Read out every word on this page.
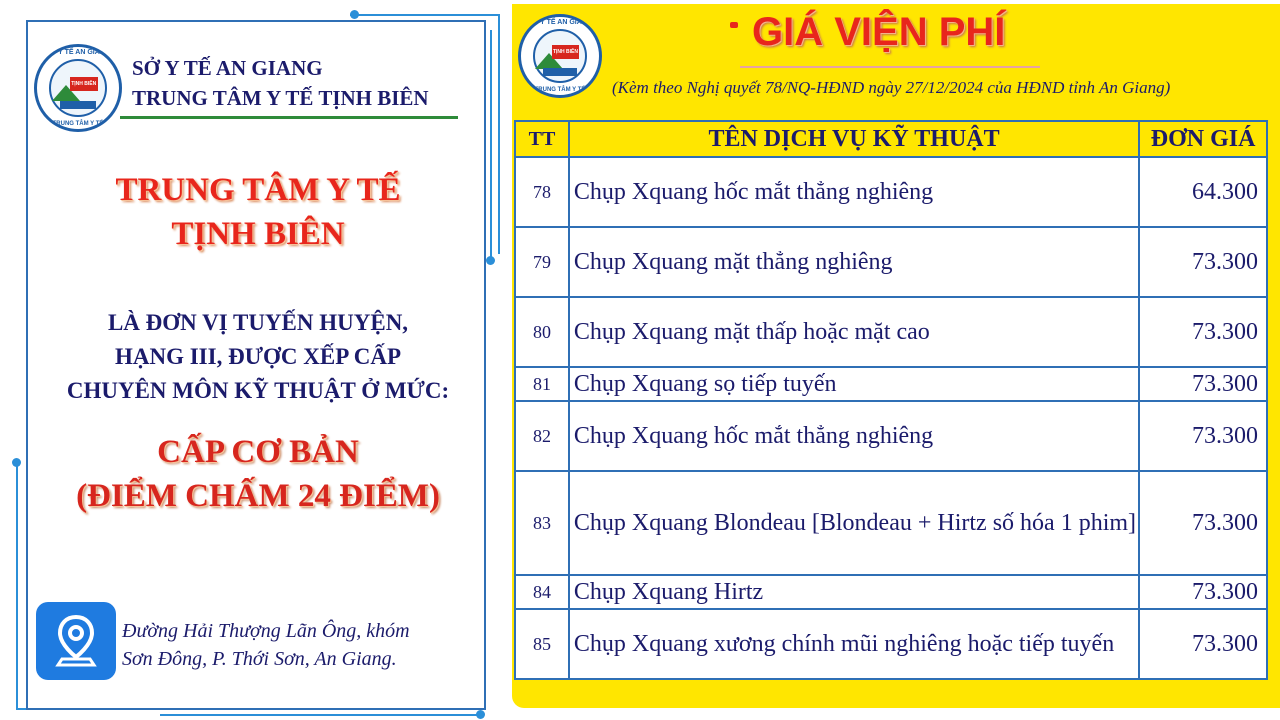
SỞ Y TẾ AN GIANG
TỊNH BIÊN
TRUNG TÂM Y TẾ
SỞ Y TẾ AN GIANG
TRUNG TÂM Y TẾ TỊNH BIÊN
TRUNG TÂM Y TẾ
TỊNH BIÊN
LÀ ĐƠN VỊ TUYẾN HUYỆN,
HẠNG III, ĐƯỢC XẾP CẤP
CHUYÊN MÔN KỸ THUẬT Ở MỨC:
CẤP CƠ BẢN
(ĐIỂM CHẤM 24 ĐIỂM)
Đường Hải Thượng Lãn Ông, khóm
Sơn Đông, P. Thới Sơn, An Giang.
SỞ Y TẾ AN GIANG
TỊNH BIÊN
TRUNG TÂM Y TẾ
GIÁ VIỆN PHÍ
(Kèm theo Nghị quyết 78/NQ-HĐND ngày 27/12/2024 của HĐND tỉnh An Giang)
TT	TÊN DỊCH VỤ KỸ THUẬT	ĐƠN GIÁ
78	Chụp Xquang hốc mắt thẳng nghiêng	64.300
79	Chụp Xquang mặt thẳng nghiêng	73.300
80	Chụp Xquang mặt thấp hoặc mặt cao	73.300
81	Chụp Xquang sọ tiếp tuyến	73.300
82	Chụp Xquang hốc mắt thẳng nghiêng	73.300
83	Chụp Xquang Blondeau [Blondeau + Hirtz số hóa 1 phim]	73.300
84	Chụp Xquang Hirtz	73.300
85	Chụp Xquang xương chính mũi nghiêng hoặc tiếp tuyến	73.300
